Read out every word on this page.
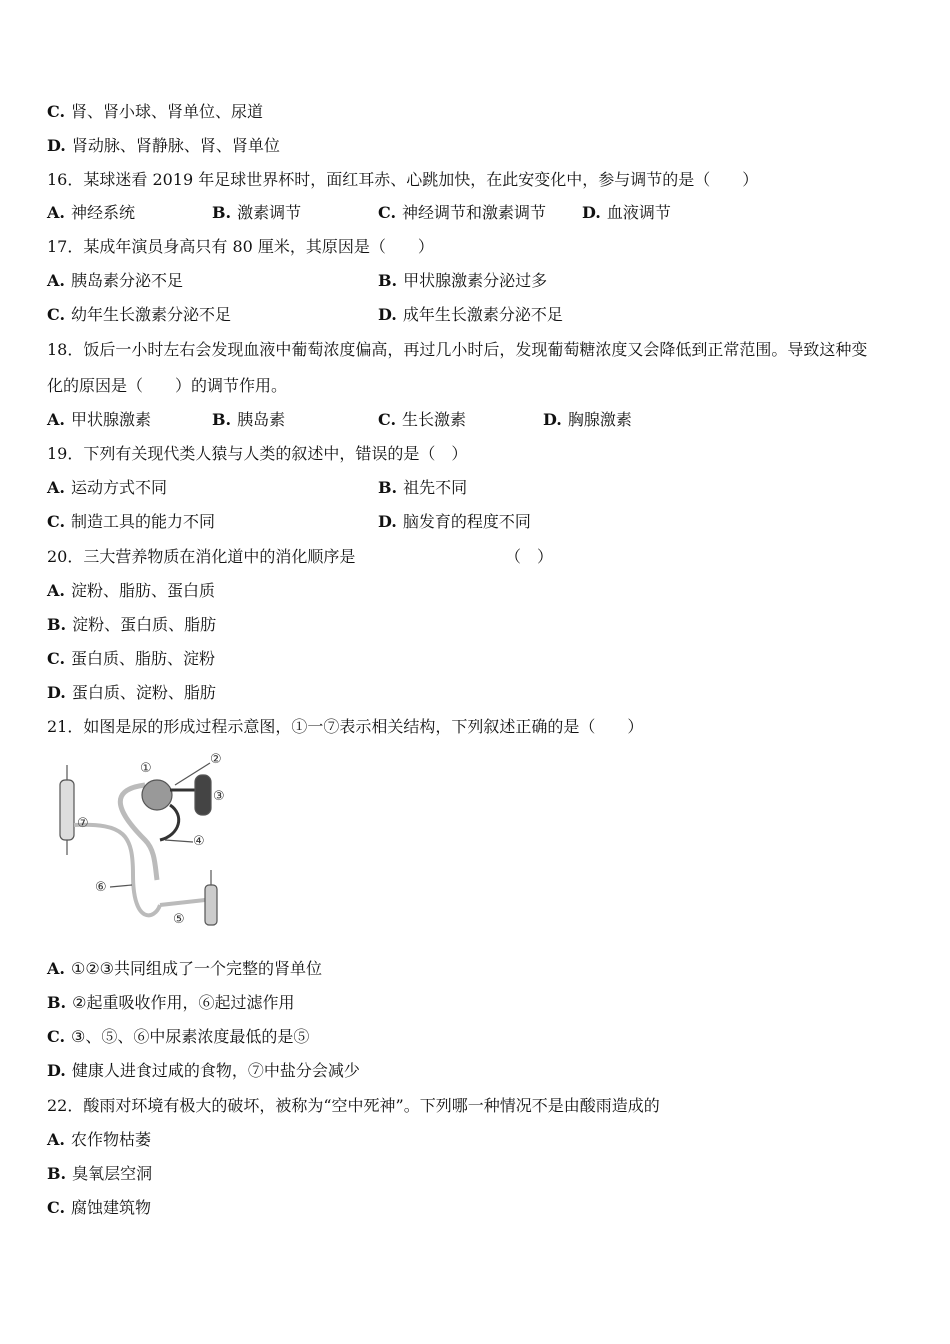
C. 肾、肾小球、肾单位、尿道
D. 肾动脉、肾静脉、肾、肾单位
16．某球迷看 2019 年足球世界杯时，面红耳赤、心跳加快，在此安变化中，参与调节的是（　　）
A. 神经系统	B. 激素调节	C. 神经调节和激素调节 D. 血液调节
17．某成年演员身高只有 80 厘米，其原因是（　　）
A. 胰岛素分泌不足	B. 甲状腺激素分泌过多
C. 幼年生长激素分泌不足	D. 成年生长激素分泌不足
18．饭后一小时左右会发现血液中葡萄浓度偏高，再过几小时后，发现葡萄糖浓度又会降低到正常范围。导致这种变
化的原因是（　　）的调节作用。
A. 甲状腺激素	B. 胰岛素	C. 生长激素	D. 胸腺激素
19．下列有关现代类人猿与人类的叙述中，错误的是（　）
A. 运动方式不同	B. 祖先不同
C. 制造工具的能力不同	D. 脑发育的程度不同
20．三大营养物质在消化道中的消化顺序是	（　）
A. 淀粉、脂肪、蛋白质
B. 淀粉、蛋白质、脂肪
C. 蛋白质、脂肪、淀粉
D. 蛋白质、淀粉、脂肪
21．如图是尿的形成过程示意图，①一⑦表示相关结构，下列叙述正确的是（　　）
①
②
③
④
⑤
⑥
⑦
A. ①②③共同组成了一个完整的肾单位
B. ②起重吸收作用，⑥起过滤作用
C. ③、⑤、⑥中尿素浓度最低的是⑤
D. 健康人进食过咸的食物，⑦中盐分会减少
22．酸雨对环境有极大的破坏，被称为“空中死神”。下列哪一种情况不是由酸雨造成的
A. 农作物枯萎
B. 臭氧层空洞
C. 腐蚀建筑物
